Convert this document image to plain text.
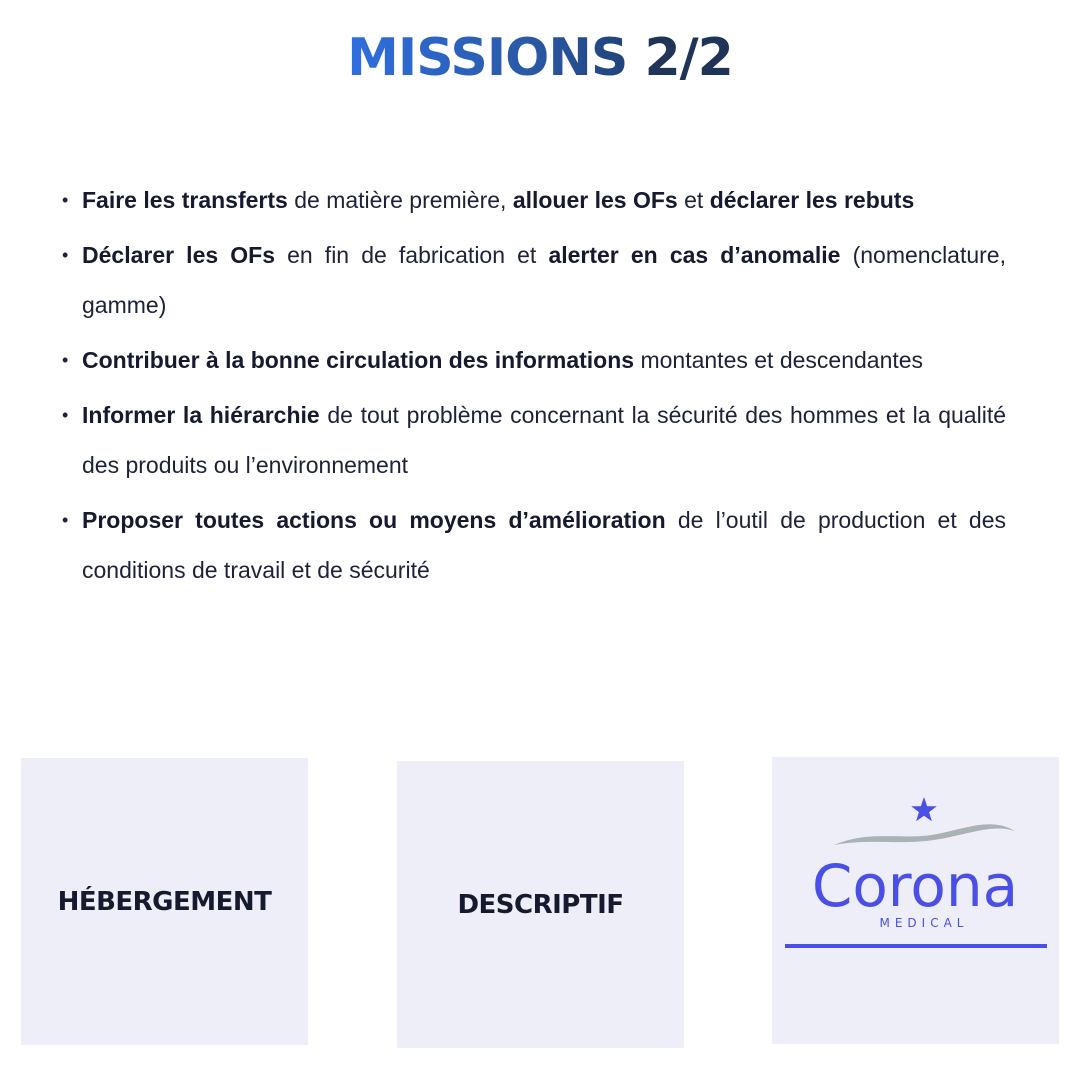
MISSIONS 2/2
• Faire les transferts de matière première, allouer les OFs et déclarer les rebuts
• Déclarer les OFs en fin de fabrication et alerter en cas d’anomalie (nomenclature, gamme)
• Contribuer à la bonne circulation des informations montantes et descendantes
• Informer la hiérarchie de tout problème concernant la sécurité des hommes et la qualité des produits ou l’environnement
• Proposer toutes actions ou moyens d’amélioration de l’outil de production et des conditions de travail et de sécurité
HÉBERGEMENT	DESCRIPTIF	Corona
MEDICAL
